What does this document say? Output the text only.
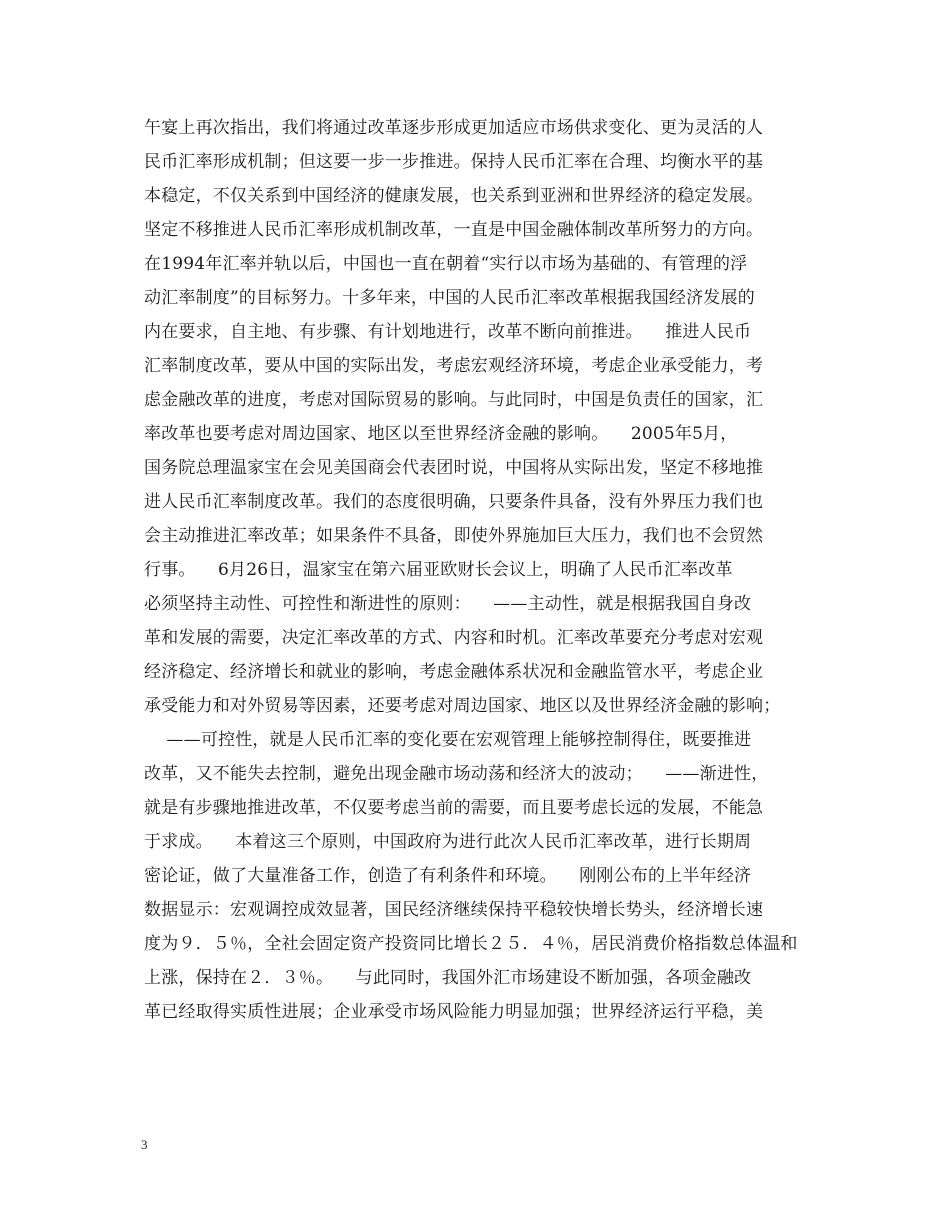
午宴上再次指出，我们将通过改革逐步形成更加适应市场供求变化、更为灵活的人
民币汇率形成机制；但这要一步一步推进。保持人民币汇率在合理、均衡水平的基
本稳定，不仅关系到中国经济的健康发展，也关系到亚洲和世界经济的稳定发展。
坚定不移推进人民币汇率形成机制改革，一直是中国金融体制改革所努力的方向。
在1994年汇率并轨以后，中国也一直在朝着“实行以市场为基础的、有管理的浮
动汇率制度”的目标努力。十多年来，中国的人民币汇率改革根据我国经济发展的
内在要求，自主地、有步骤、有计划地进行，改革不断向前推进。    推进人民币
汇率制度改革，要从中国的实际出发，考虑宏观经济环境，考虑企业承受能力，考
虑金融改革的进度，考虑对国际贸易的影响。与此同时，中国是负责任的国家，汇
率改革也要考虑对周边国家、地区以至世界经济金融的影响。    2005年5月，
国务院总理温家宝在会见美国商会代表团时说，中国将从实际出发，坚定不移地推
进人民币汇率制度改革。我们的态度很明确，只要条件具备，没有外界压力我们也
会主动推进汇率改革；如果条件不具备，即使外界施加巨大压力，我们也不会贸然
行事。    6月26日，温家宝在第六届亚欧财长会议上，明确了人民币汇率改革
必须坚持主动性、可控性和渐进性的原则：    ——主动性，就是根据我国自身改
革和发展的需要，决定汇率改革的方式、内容和时机。汇率改革要充分考虑对宏观
经济稳定、经济增长和就业的影响，考虑金融体系状况和金融监管水平，考虑企业
承受能力和对外贸易等因素，还要考虑对周边国家、地区以及世界经济金融的影响；
——可控性，就是人民币汇率的变化要在宏观管理上能够控制得住，既要推进
改革，又不能失去控制，避免出现金融市场动荡和经济大的波动；    ——渐进性，
就是有步骤地推进改革，不仅要考虑当前的需要，而且要考虑长远的发展，不能急
于求成。    本着这三个原则，中国政府为进行此次人民币汇率改革，进行长期周
密论证，做了大量准备工作，创造了有利条件和环境。    刚刚公布的上半年经济
数据显示：宏观调控成效显著，国民经济继续保持平稳较快增长势头，经济增长速
度为９．５％，全社会固定资产投资同比增长２５．４％，居民消费价格指数总体温和
上涨，保持在２．３％。    与此同时，我国外汇市场建设不断加强，各项金融改
革已经取得实质性进展；企业承受市场风险能力明显加强；世界经济运行平稳，美
3
